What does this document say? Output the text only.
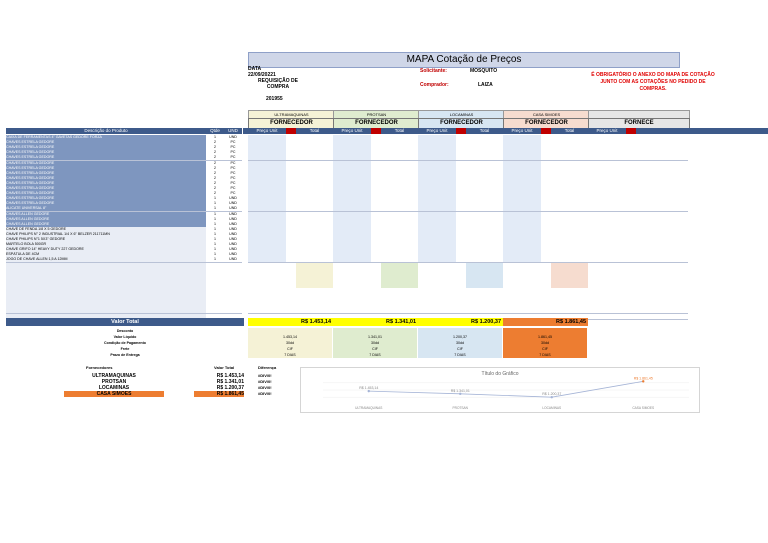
MAPA Cotação de Preços
DATA
22/09/20221
REQUISIÇÃO DE COMPRA
201955
Solicitante:	MOSQUITO
Comprador:	LAIZA
É OBRIGATÓRIO O ANEXO DO MAPA DE COTAÇÃO JUNTO COM AS COTAÇÕES NO PEDIDO DE COMPRAS.
ULTRAMAQUINAS
FORNECEDOR
PROTSAN
FORNECEDOR
LOCAMINAS
FORNECEDOR
CASA SIMOES
FORNECEDOR	FORNECE
Descrição do Produto	Qtde	UND	Preço Unit	Total	Preço Unit	Total	Preço Unit	Total	Preço Unit	Total	Preço Unit
CAIXA DE FERRAMENTAS 4" GAVETAS GEDORE FORZA	1	UND
CHAVES ESTRELA GEDORE	2	PC
CHAVES ESTRELA GEDORE	2	PC
CHAVES ESTRELA GEDORE	2	PC
CHAVES ESTRELA GEDORE	2	PC
CHAVES ESTRELA GEDORE	2	PC
CHAVES ESTRELA GEDORE	2	PC
CHAVES ESTRELA GEDORE	2	PC
CHAVES ESTRELA GEDORE	2	PC
CHAVES ESTRELA GEDORE	2	PC
CHAVES ESTRELA GEDORE	2	PC
CHAVES ESTRELA GEDORE	2	PC
CHAVES ESTRELA GEDORE	1	UND
CHAVES ESTRELA GEDORE	1	UND
ALICATE UNIVERSAL 8"	1	UND
CHAVES ALLEN GEDORE	1	UND
CHAVES ALLEN GEDORE	1	UND
CHAVES ALLEN GEDORE	1	UND
CHAVE DE FENDA 1/8 X 5 GEDORE	1	UND
CHAVE PHILIPS N° 2 INDUSTRIAL 1/4 X 6" BELZER 211711MN	1	UND
CHAVE PHILIPS N°1 5X3" GEDORE	1	UND
MARTELO BOLA 500GR	1	UND
CHAVE GRIFO 14" HEAVY DUTY 227 GEDORE	1	UND
ESPÁTULA DE 4CM	1	UND
JOGO DE CHAVE ALLEN 1,5 A 12MM	1	UND
Valor Total	R$ 1.453,14	R$ 1.341,01	R$ 1.200,37	R$ 1.861,45
Desconto
Valor Líquido	1.453,14	1.341,01	1.200,37	1.861,45
Condição de Pagamento	30dd	30dd	30dd	30dd
Frete	CIF	CIF	CIF	CIF
Prazo de Entrega	7 DIAS	7 DIAS	7 DIAS	7 DIAS
Fornecedores	Valor Total	Diferença
ULTRAMAQUINAS	R$ 1.453,14	#DIV/0!
PROTSAN	R$ 1.341,01	#DIV/0!
LOCAMINAS	R$ 1.200,37	#DIV/0!
CASA SIMOES	R$ 1.861,45	#DIV/0!
Título do Gráfico
R$ 1.453,14
ULTRAMAQUINAS
R$ 1.341,01
PROTSAN
R$ 1.200,37
LOCAMINAS
R$ 1.861,45
CASA SIMOES
